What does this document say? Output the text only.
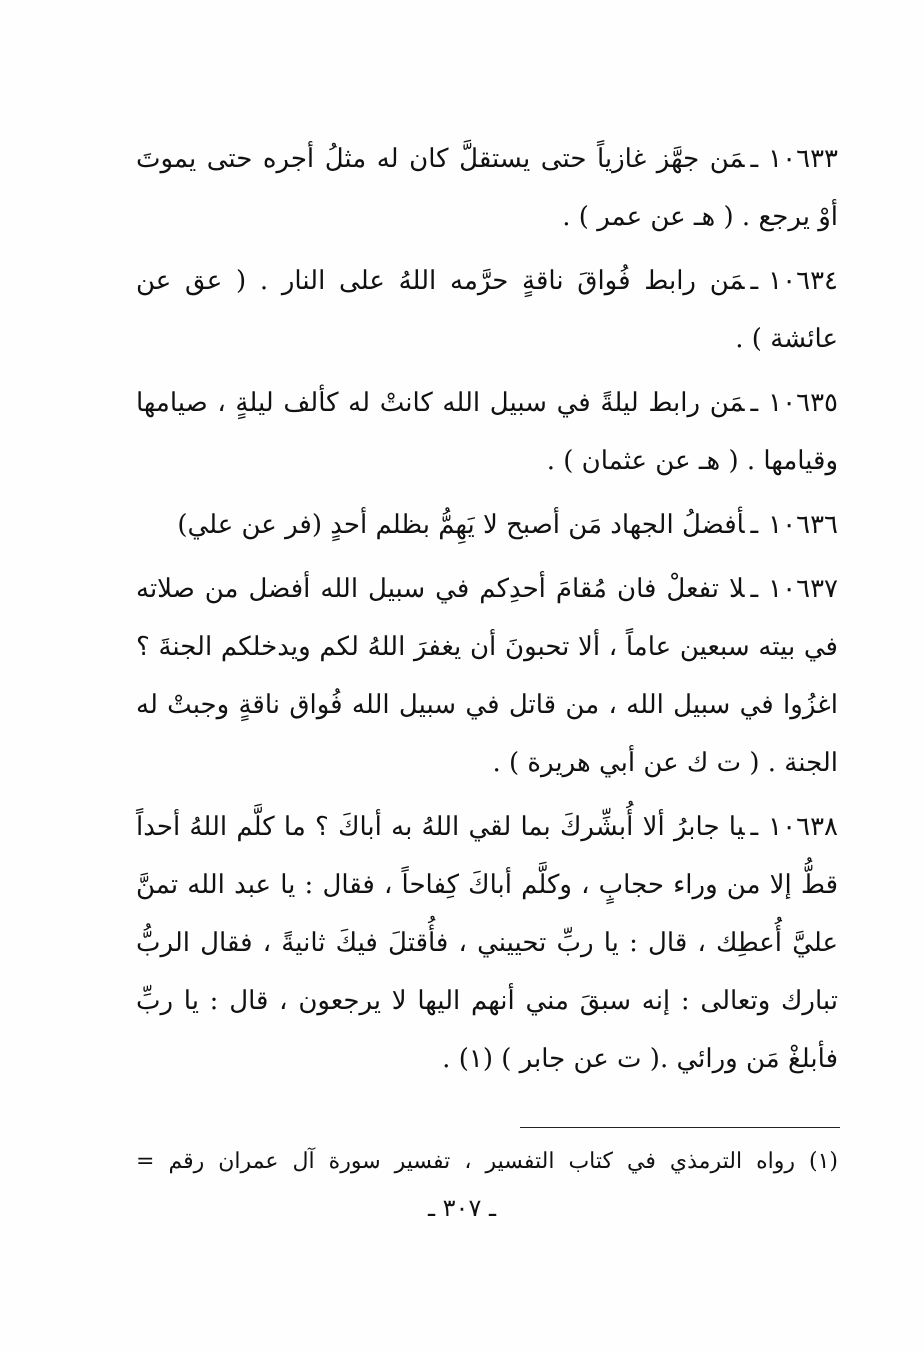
١٠٦٣٣ـمَن جهَّز غازياً حتى يستقلَّ كان له مثلُ أجره حتى يموتَ أوْ يرجع . ( هـ عن عمر ) .

١٠٦٣٤ـمَن رابط فُواقَ ناقةٍ حرَّمه اللهُ على النار . ( عق عن عائشة ) .

١٠٦٣٥ـمَن رابط ليلةً في سبيل الله كانتْ له كألف ليلةٍ ، صيامها وقيامها . ( هـ عن عثمان ) .

١٠٦٣٦ـأفضلُ الجهاد مَن أصبح لا يَهِمُّ بظلم أحدٍ (فر عن علي)

١٠٦٣٧ـلا تفعلْ فان مُقامَ أحدِكم في سبيل الله أفضل من صلاته في بيته سبعين عاماً ، ألا تحبونَ أن يغفرَ اللهُ لكم ويدخلكم الجنةَ ؟ اغزُوا في سبيل الله ، من قاتل في سبيل الله فُواق ناقةٍ وجبتْ له الجنة . ( ت ك عن أبي هريرة ) .

١٠٦٣٨ـيا جابرُ ألا أُبشِّركَ بما لقي اللهُ به أباكَ ؟ ما كلَّم اللهُ أحداً قطُّ إلا من وراء حجابٍ ، وكلَّم أباكَ كِفاحاً ، فقال : يا عبد الله تمنَّ عليَّ أُعطِك ، قال : يا ربِّ تحييني ، فأُقتلَ فيكَ ثانيةً ، فقال الربُّ تبارك وتعالى : إنه سبقَ مني أنهم اليها لا يرجعون ، قال : يا ربِّ فأبلغْ مَن ورائي .( ت عن جابر ) (١) .

(١) رواه الترمذي في كتاب التفسير ، تفسير سورة آل عمران رقم =
ـ ٣٠٧ ـ
